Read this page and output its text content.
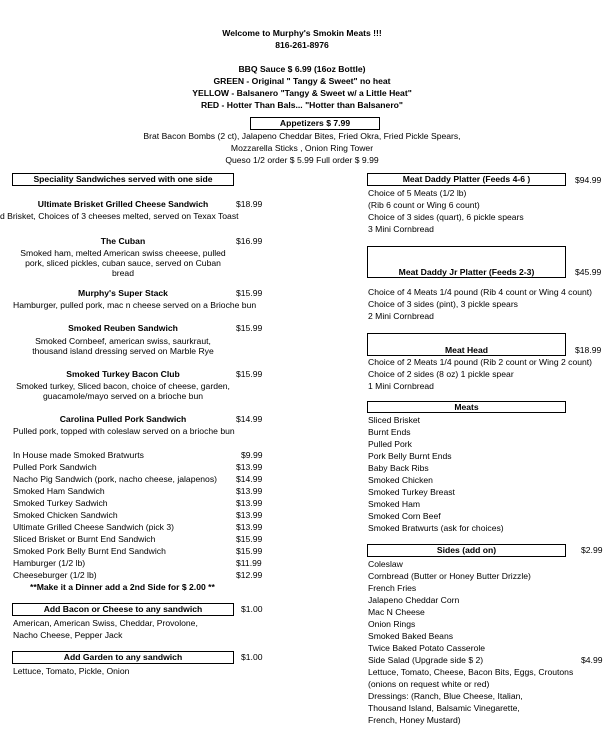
Welcome to Murphy's Smokin Meats !!!
816-261-8976
BBQ Sauce $ 6.99 (16oz Bottle)
GREEN - Original " Tangy & Sweet" no heat
YELLOW - Balsanero "Tangy & Sweet w/ a Little Heat"
RED - Hotter Than Bals... "Hotter than Balsanero"
Appetizers $ 7.99
Brat Bacon Bombs (2 ct), Jalapeno Cheddar Bites, Fried Okra, Fried Pickle Spears,
Mozzarella Sticks , Onion Ring Tower
Queso 1/2 order $ 5.99 Full order $ 9.99
Speciality Sandwiches served with one side
Ultimate Brisket Grilled Cheese Sandwich	$18.99
d Brisket, Choices of 3 cheeses melted, served on Texax Toast
The Cuban	$16.99
Smoked ham, melted American swiss cheeese, pulled
pork, sliced pickles, cuban sauce, served on Cuban
bread
Murphy's Super Stack	$15.99
Hamburger, pulled pork, mac n cheese served on a Brioche bun
Smoked Reuben Sandwich	$15.99
Smoked Cornbeef, american swiss, saurkraut,
thousand island dressing served on Marble Rye
Smoked Turkey Bacon Club	$15.99
Smoked turkey, Sliced bacon, choice of cheese, garden,
guacamole/mayo served on a brioche bun
Carolina Pulled Pork Sandwich	$14.99
Pulled pork, topped with coleslaw served on a brioche bun
In House made Smoked Bratwurts	$9.99
Pulled Pork Sandwich	$13.99
Nacho Pig Sandwich (pork, nacho cheese, jalapenos) $14.99
Smoked Ham Sandwich	$13.99
Smoked Turkey Sadwich	$13.99
Smoked Chicken Sandwich	$13.99
Ultimate Grilled Cheese Sandwich (pick 3)	$13.99
Sliced Brisket or Burnt End Sandwich	$15.99
Smoked Pork Belly Burnt End Sandwich	$15.99
Hamburger (1/2 lb)	$11.99
Cheeseburger (1/2 lb)	$12.99
**Make it a Dinner add a 2nd Side for $ 2.00 **
Add Bacon or Cheese to any sandwich	$1.00
American, American Swiss, Cheddar, Provolone,
Nacho Cheese, Pepper Jack
Add Garden to any sandwich	$1.00
Lettuce, Tomato, Pickle, Onion
Meat Daddy Platter (Feeds 4-6 )	$94.99
Choice of 5 Meats (1/2 lb)
(Rib 6 count or Wing 6 count)
Choice of 3 sides (quart), 6 pickle spears
3 Mini Cornbread
Meat Daddy Jr Platter (Feeds 2-3)	$45.99
Choice of 4 Meats 1/4 pound (Rib 4 count or Wing 4 count)
Choice of 3 sides (pint), 3 pickle spears
2 Mini Cornbread
Meat Head	$18.99
Choice of 2 Meats 1/4 pound (Rib 2 count or Wing 2 count)
Choice of 2 sides (8 oz) 1 pickle spear
1 Mini Cornbread
Meats
Sliced Brisket
Burnt Ends
Pulled Pork
Pork Belly Burnt Ends
Baby Back Ribs
Smoked Chicken
Smoked Turkey Breast
Smoked Ham
Smoked Corn Beef
Smoked Bratwurts (ask for choices)
Sides (add on)	$2.99
Coleslaw
Cornbread (Butter or Honey Butter Drizzle)
French Fries
Jalapeno Cheddar Corn
Mac N Cheese
Onion Rings
Smoked Baked Beans
Twice Baked Potato Casserole
Side Salad (Upgrade side $ 2)	$4.99
Lettuce, Tomato, Cheese, Bacon Bits, Eggs, Croutons
(onions on request white or red)
Dressings: (Ranch, Blue Cheese, Italian,
Thousand Island, Balsamic Vinegarette,
French, Honey Mustard)
